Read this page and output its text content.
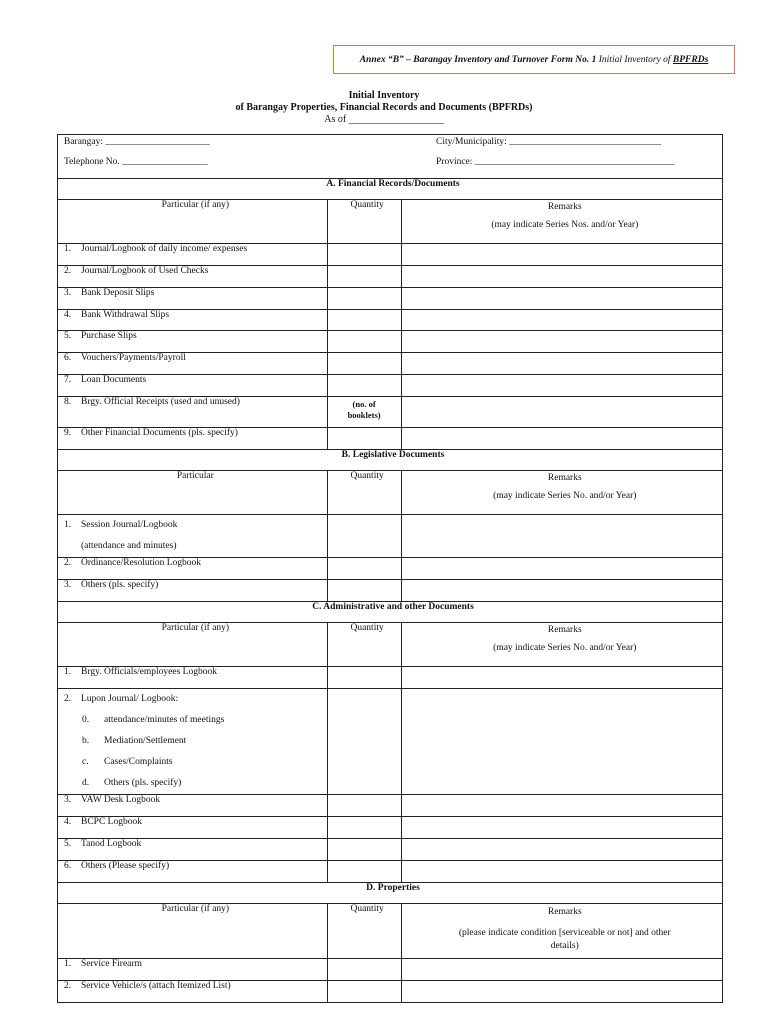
Annex “B” – Barangay Inventory and Turnover Form No. 1 Initial Inventory of BPFRDs
Initial Inventory
of Barangay Properties, Financial Records and Documents (BPFRDs)
As of ___________________
Barangay: ______________________ City/Municipality: ________________________________
Telephone No. __________________ Province: __________________________________________		

A. Financial Records/Documents		
Particular (if any)	Quantity	Remarks
(may indicate Series Nos. and/or Year)

1. Journal/Logbook of daily income/ expenses		
2. Journal/Logbook of Used Checks		
3. Bank Deposit Slips		
4. Bank Withdrawal Slips		
5. Purchase Slips		
6. Vouchers/Payments/Payroll		
7. Loan Documents		
8. Brgy. Official Receipts (used and unused)	(no. of
booklets)	

9. Other Financial Documents (pls. specify)		
B. Legislative Documents		
Particular	Quantity	Remarks
(may indicate Series No. and/or Year)

1. Session Journal/Logbook
(attendance and minutes)		

2. Ordinance/Resolution Logbook		
3. Others (pls. specify)		
C. Administrative and other Documents		
Particular (if any)	Quantity	Remarks
(may indicate Series No. and/or Year)

1. Brgy. Officials/employees Logbook		
2. Lupon Journal/ Logbook:
0. attendance/minutes of meetings
b. Mediation/Settlement
c. Cases/Complaints
d. Others (pls. specify)		

3. VAW Desk Logbook		
4. BCPC Logbook		
5. Tanod Logbook		
6. Others (Please specify)		
D. Properties		
Particular (if any)	Quantity	Remarks
(please indicate condition [serviceable or not] and other
details)

1. Service Firearm		
2. Service Vehicle/s (attach Itemized List)		
